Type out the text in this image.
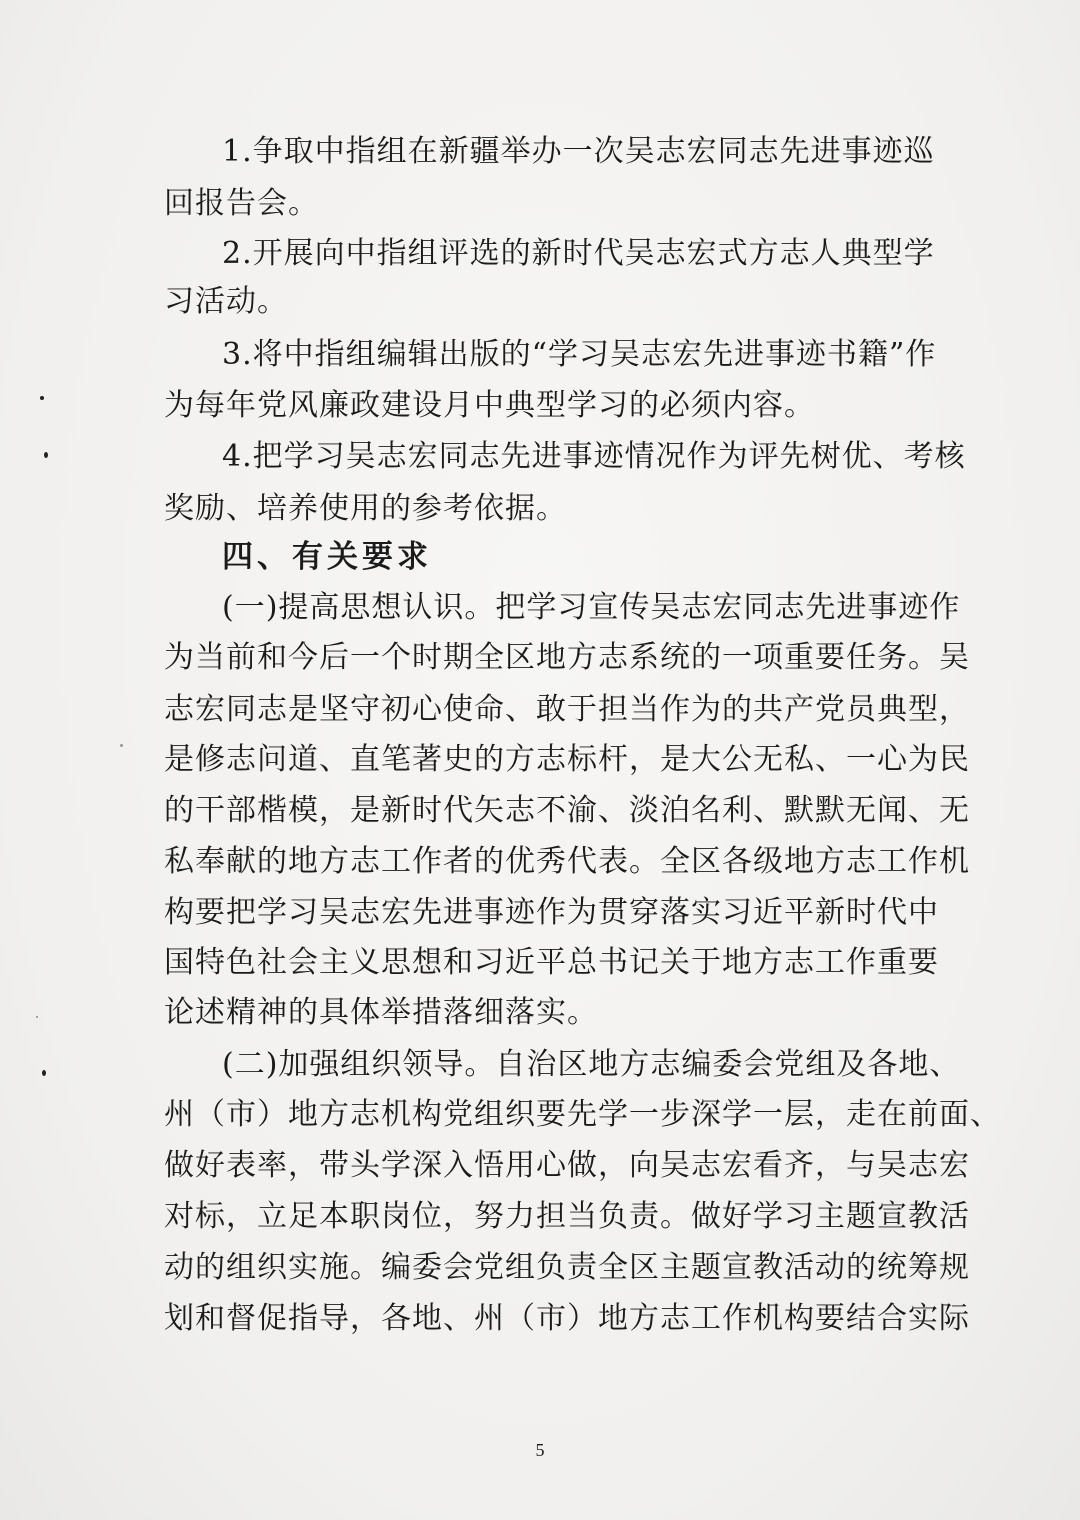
1.争取中指组在新疆举办一次吴志宏同志先进事迹巡
回报告会。
2.开展向中指组评选的新时代吴志宏式方志人典型学
习活动。
3.将中指组编辑出版的“学习吴志宏先进事迹书籍”作
为每年党风廉政建设月中典型学习的必须内容。
4.把学习吴志宏同志先进事迹情况作为评先树优、考核
奖励、培养使用的参考依据。
四、有关要求
(一)提高思想认识。把学习宣传吴志宏同志先进事迹作
为当前和今后一个时期全区地方志系统的一项重要任务。吴
志宏同志是坚守初心使命、敢于担当作为的共产党员典型，
是修志问道、直笔著史的方志标杆，是大公无私、一心为民
的干部楷模，是新时代矢志不渝、淡泊名利、默默无闻、无
私奉献的地方志工作者的优秀代表。全区各级地方志工作机
构要把学习吴志宏先进事迹作为贯穿落实习近平新时代中
国特色社会主义思想和习近平总书记关于地方志工作重要
论述精神的具体举措落细落实。
(二)加强组织领导。自治区地方志编委会党组及各地、
州（市）地方志机构党组织要先学一步深学一层，走在前面、
做好表率，带头学深入悟用心做，向吴志宏看齐，与吴志宏
对标，立足本职岗位，努力担当负责。做好学习主题宣教活
动的组织实施。编委会党组负责全区主题宣教活动的统筹规
划和督促指导，各地、州（市）地方志工作机构要结合实际
5
